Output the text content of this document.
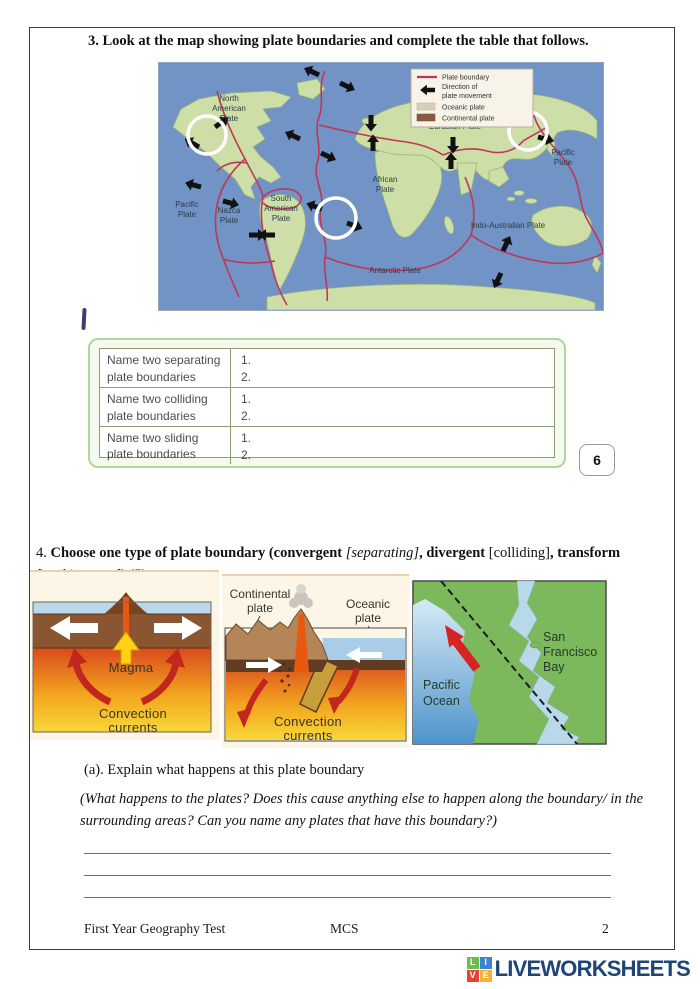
3. Look at the map showing plate boundaries and complete the table that follows.
North
American
Plate
Pacific
Plate
Pacific
Plate	Nazca
Plate
South
American
Plate
African
Plate
Indo-Australian Plate
Antarctic Plate
Plate boundary
Direction of
plate movement
Oceanic plate
Continental plate
Name two separating
plate boundaries
1.
2.
Name two colliding
plate boundaries
1.
2.
Name two sliding
plate boundaries
1.
2.	6

4. Choose one type of plate boundary (convergent [separating], divergent [colliding], transform

Magma
Convection
currents
Continental
plate	Oceanic
plate
Convection
currents
Pacific
Ocean
San
Francisco
Bay
(a). Explain what happens at this plate boundary
(What happens to the plates? Does this cause anything else to happen along the boundary/ in the surrounding areas? Can you name any plates that have this boundary?)
First Year Geography Test	MCS	2
L I
V E LIVEWORKSHEETS
